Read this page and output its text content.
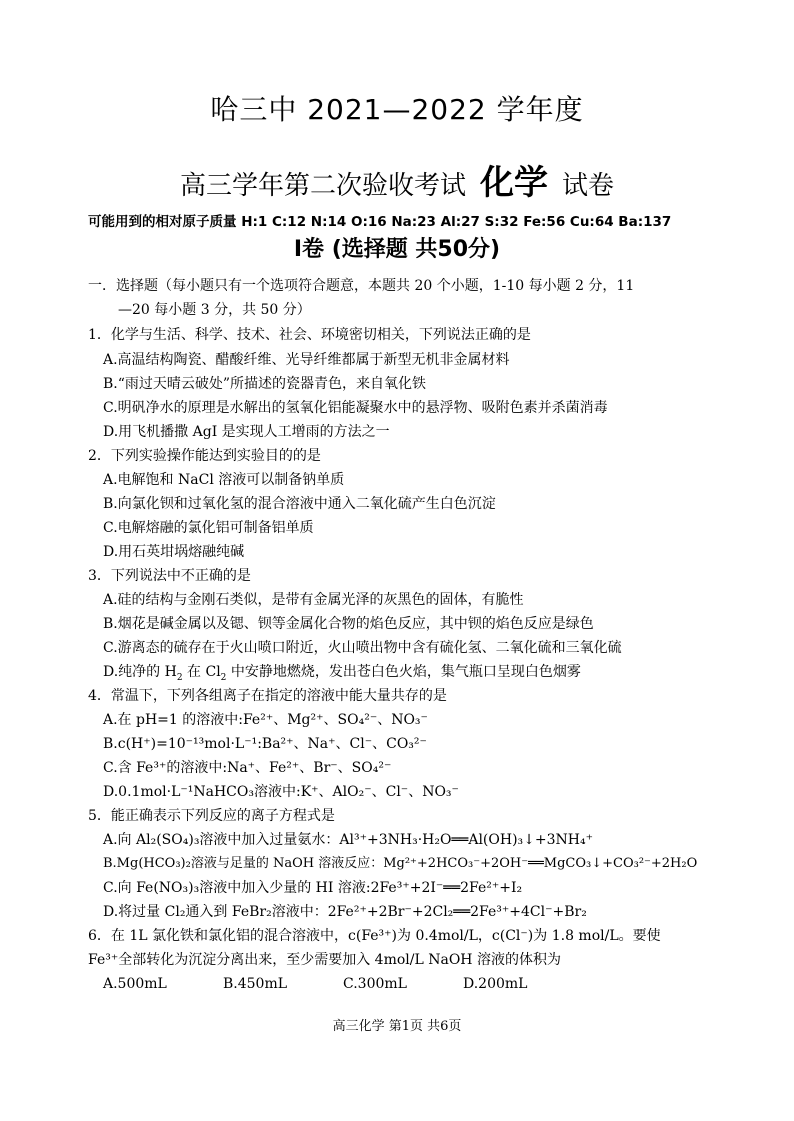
哈三中 2021—2022 学年度
高三学年第二次验收考试 化学 试卷
可能用到的相对原子质量 H:1 C:12 N:14 O:16 Na:23 Al:27 S:32 Fe:56 Cu:64 Ba:137
I卷 (选择题 共50分)
一．选择题（每小题只有一个选项符合题意，本题共 20 个小题，1-10 每小题 2 分，11
—20 每小题 3 分，共 50 分）
1．化学与生活、科学、技术、社会、环境密切相关，下列说法正确的是
A.高温结构陶瓷、醋酸纤维、光导纤维都属于新型无机非金属材料
B.“雨过天晴云破处”所描述的瓷器青色，来自氧化铁
C.明矾净水的原理是水解出的氢氧化铝能凝聚水中的悬浮物、吸附色素并杀菌消毒
D.用飞机播撒 AgI 是实现人工增雨的方法之一
2．下列实验操作能达到实验目的的是
A.电解饱和 NaCl 溶液可以制备钠单质
B.向氯化钡和过氧化氢的混合溶液中通入二氧化硫产生白色沉淀
C.电解熔融的氯化铝可制备铝单质
D.用石英坩埚熔融纯碱
3．下列说法中不正确的是
A.硅的结构与金刚石类似，是带有金属光泽的灰黑色的固体，有脆性
B.烟花是碱金属以及锶、钡等金属化合物的焰色反应，其中钡的焰色反应是绿色
C.游离态的硫存在于火山喷口附近，火山喷出物中含有硫化氢、二氧化硫和三氧化硫
D.纯净的 $H_2$ 在 $Cl_2$ 中安静地燃烧，发出苍白色火焰，集气瓶口呈现白色烟雾
4．常温下，下列各组离子在指定的溶液中能大量共存的是
A.在 pH=1 的溶液中:Fe²⁺、Mg²⁺、SO₄²⁻、NO₃⁻
B.c(H⁺)=10⁻¹³mol·L⁻¹:Ba²⁺、Na⁺、Cl⁻、CO₃²⁻
C.含 Fe³⁺的溶液中:Na⁺、Fe²⁺、Br⁻、SO₄²⁻
D.0.1mol·L⁻¹NaHCO₃溶液中:K⁺、AlO₂⁻、Cl⁻、NO₃⁻
5．能正确表示下列反应的离子方程式是
A.向 Al₂(SO₄)₃溶液中加入过量氨水：Al³⁺+3NH₃·H₂O══Al(OH)₃↓+3NH₄⁺
B.Mg(HCO₃)₂溶液与足量的 NaOH 溶液反应：Mg²⁺+2HCO₃⁻+2OH⁻══MgCO₃↓+CO₃²⁻+2H₂O
C.向 Fe(NO₃)₃溶液中加入少量的 HI 溶液:2Fe³⁺+2I⁻══2Fe²⁺+I₂
D.将过量 Cl₂通入到 FeBr₂溶液中：2Fe²⁺+2Br⁻+2Cl₂══2Fe³⁺+4Cl⁻+Br₂
6．在 1L 氯化铁和氯化铝的混合溶液中，c(Fe³⁺)为 0.4mol/L，c(Cl⁻)为 1.8 mol/L。要使
Fe³⁺全部转化为沉淀分离出来，至少需要加入 4mol/L NaOH 溶液的体积为
A.500mL	B.450mL	C.300mL	D.200mL
高三化学 第1页 共6页
